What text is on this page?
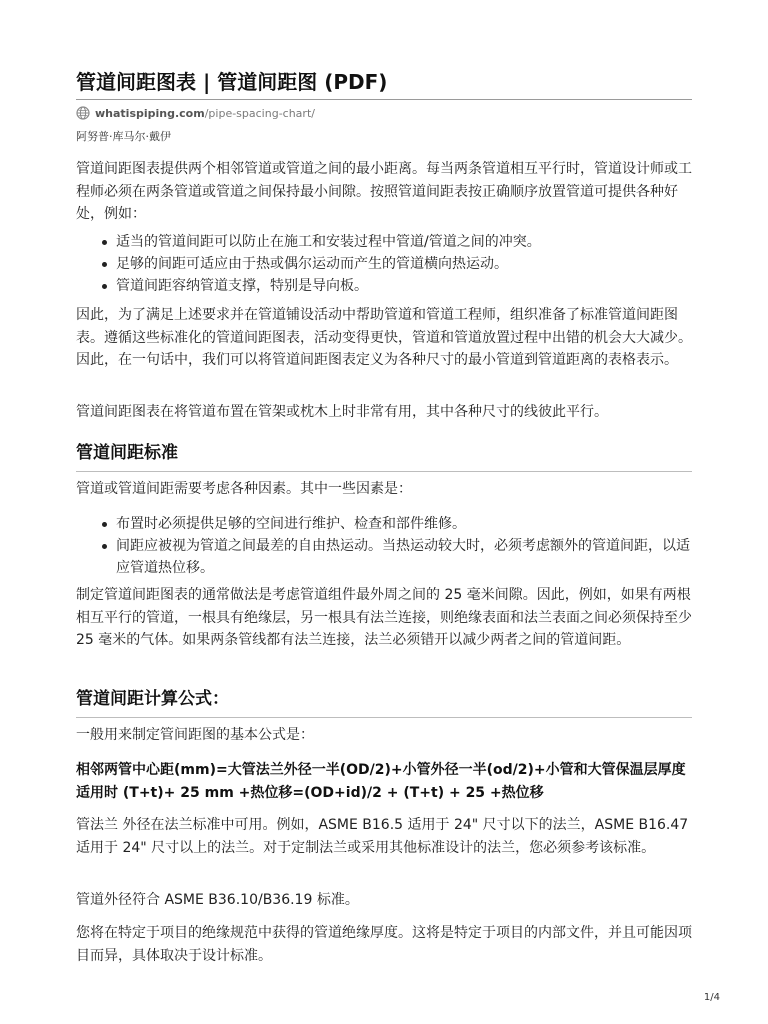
管道间距图表 | 管道间距图 (PDF)
whatispiping.com /pipe-spacing-chart/
阿努普·库马尔·戴伊

管道间距图表提供两个相邻管道或管道之间的最小距离。每当两条管道相互平行时，管道设计师或工程师必须在两条管道或管道之间保持最小间隙。按照管道间距表按正确顺序放置管道可提供各种好处，例如：

适当的管道间距可以防止在施工和安装过程中管道/管道之间的冲突。
足够的间距可适应由于热或偶尔运动而产生的管道横向热运动。
管道间距容纳管道支撑，特别是导向板。

因此，为了满足上述要求并在管道铺设活动中帮助管道和管道工程师，组织准备了标准管道间距图表。遵循这些标准化的管道间距图表，活动变得更快，管道和管道放置过程中出错的机会大大减少。因此，在一句话中，我们可以将管道间距图表定义为各种尺寸的最小管道到管道距离的表格表示。

管道间距图表在将管道布置在管架或枕木上时非常有用，其中各种尺寸的线彼此平行。

管道间距标准

管道或管道间距需要考虑各种因素。其中一些因素是：

布置时必须提供足够的空间进行维护、检查和部件维修。
间距应被视为管道之间最差的自由热运动。当热运动较大时，必须考虑额外的管道间距，以适应管道热位移。

制定管道间距图表的通常做法是考虑管道组件最外周之间的 25 毫米间隙。因此，例如，如果有两根相互平行的管道，一根具有绝缘层，另一根具有法兰连接，则绝缘表面和法兰表面之间必须保持至少 25 毫米的气体。如果两条管线都有法兰连接，法兰必须错开以减少两者之间的管道间距。

管道间距计算公式：

一般用来制定管间距图的基本公式是：

相邻两管中心距(mm)=大管法兰外径一半(OD/2)+小管外径一半(od/2)+小管和大管保温层厚度适用时 (T+t)+ 25 mm +热位移=(OD+id)/2 + (T+t) + 25 +热位移

管法兰 外径在法兰标准中可用。例如，ASME B16.5 适用于 24" 尺寸以下的法兰，ASME B16.47 适用于 24" 尺寸以上的法兰。对于定制法兰或采用其他标准设计的法兰，您必须参考该标准。

管道外径符合 ASME B36.10/B36.19 标准。

您将在特定于项目的绝缘规范中获得的管道绝缘厚度。这将是特定于项目的内部文件，并且可能因项目而异，具体取决于设计标准。

1/4
